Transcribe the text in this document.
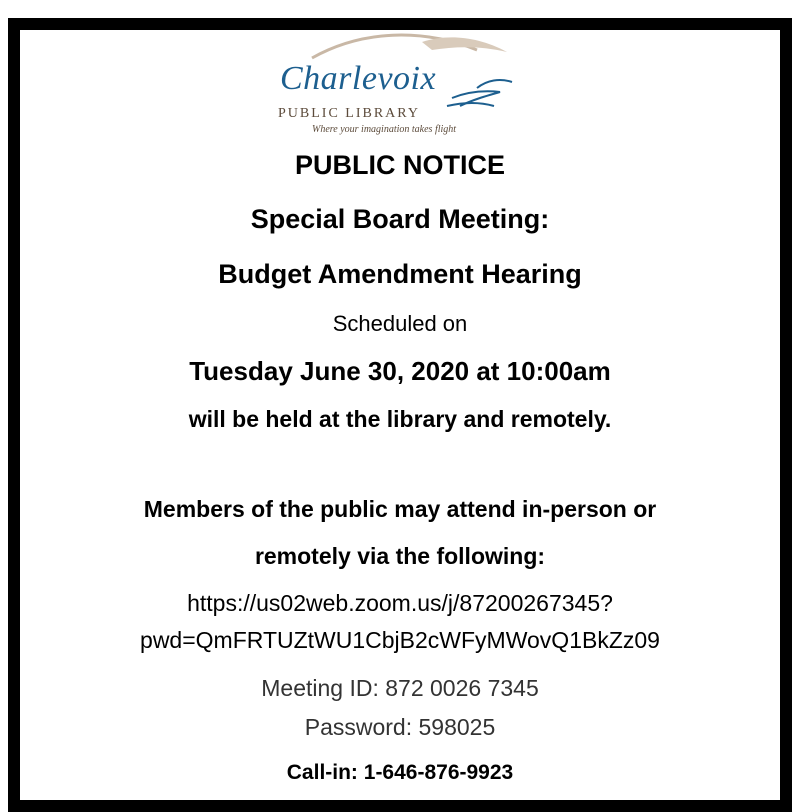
Charlevoix
PUBLIC LIBRARY
Where your imagination takes flight
PUBLIC NOTICE
Special Board Meeting:
Budget Amendment Hearing
Scheduled on
Tuesday June 30, 2020 at 10:00am
will be held at the library and remotely.
Members of the public may attend in-person or
remotely via the following:
https://us02web.zoom.us/j/87200267345?
pwd=QmFRTUZtWU1CbjB2cWFyMWovQ1BkZz09
Meeting ID: 872 0026 7345
Password: 598025
Call-in: 1-646-876-9923
